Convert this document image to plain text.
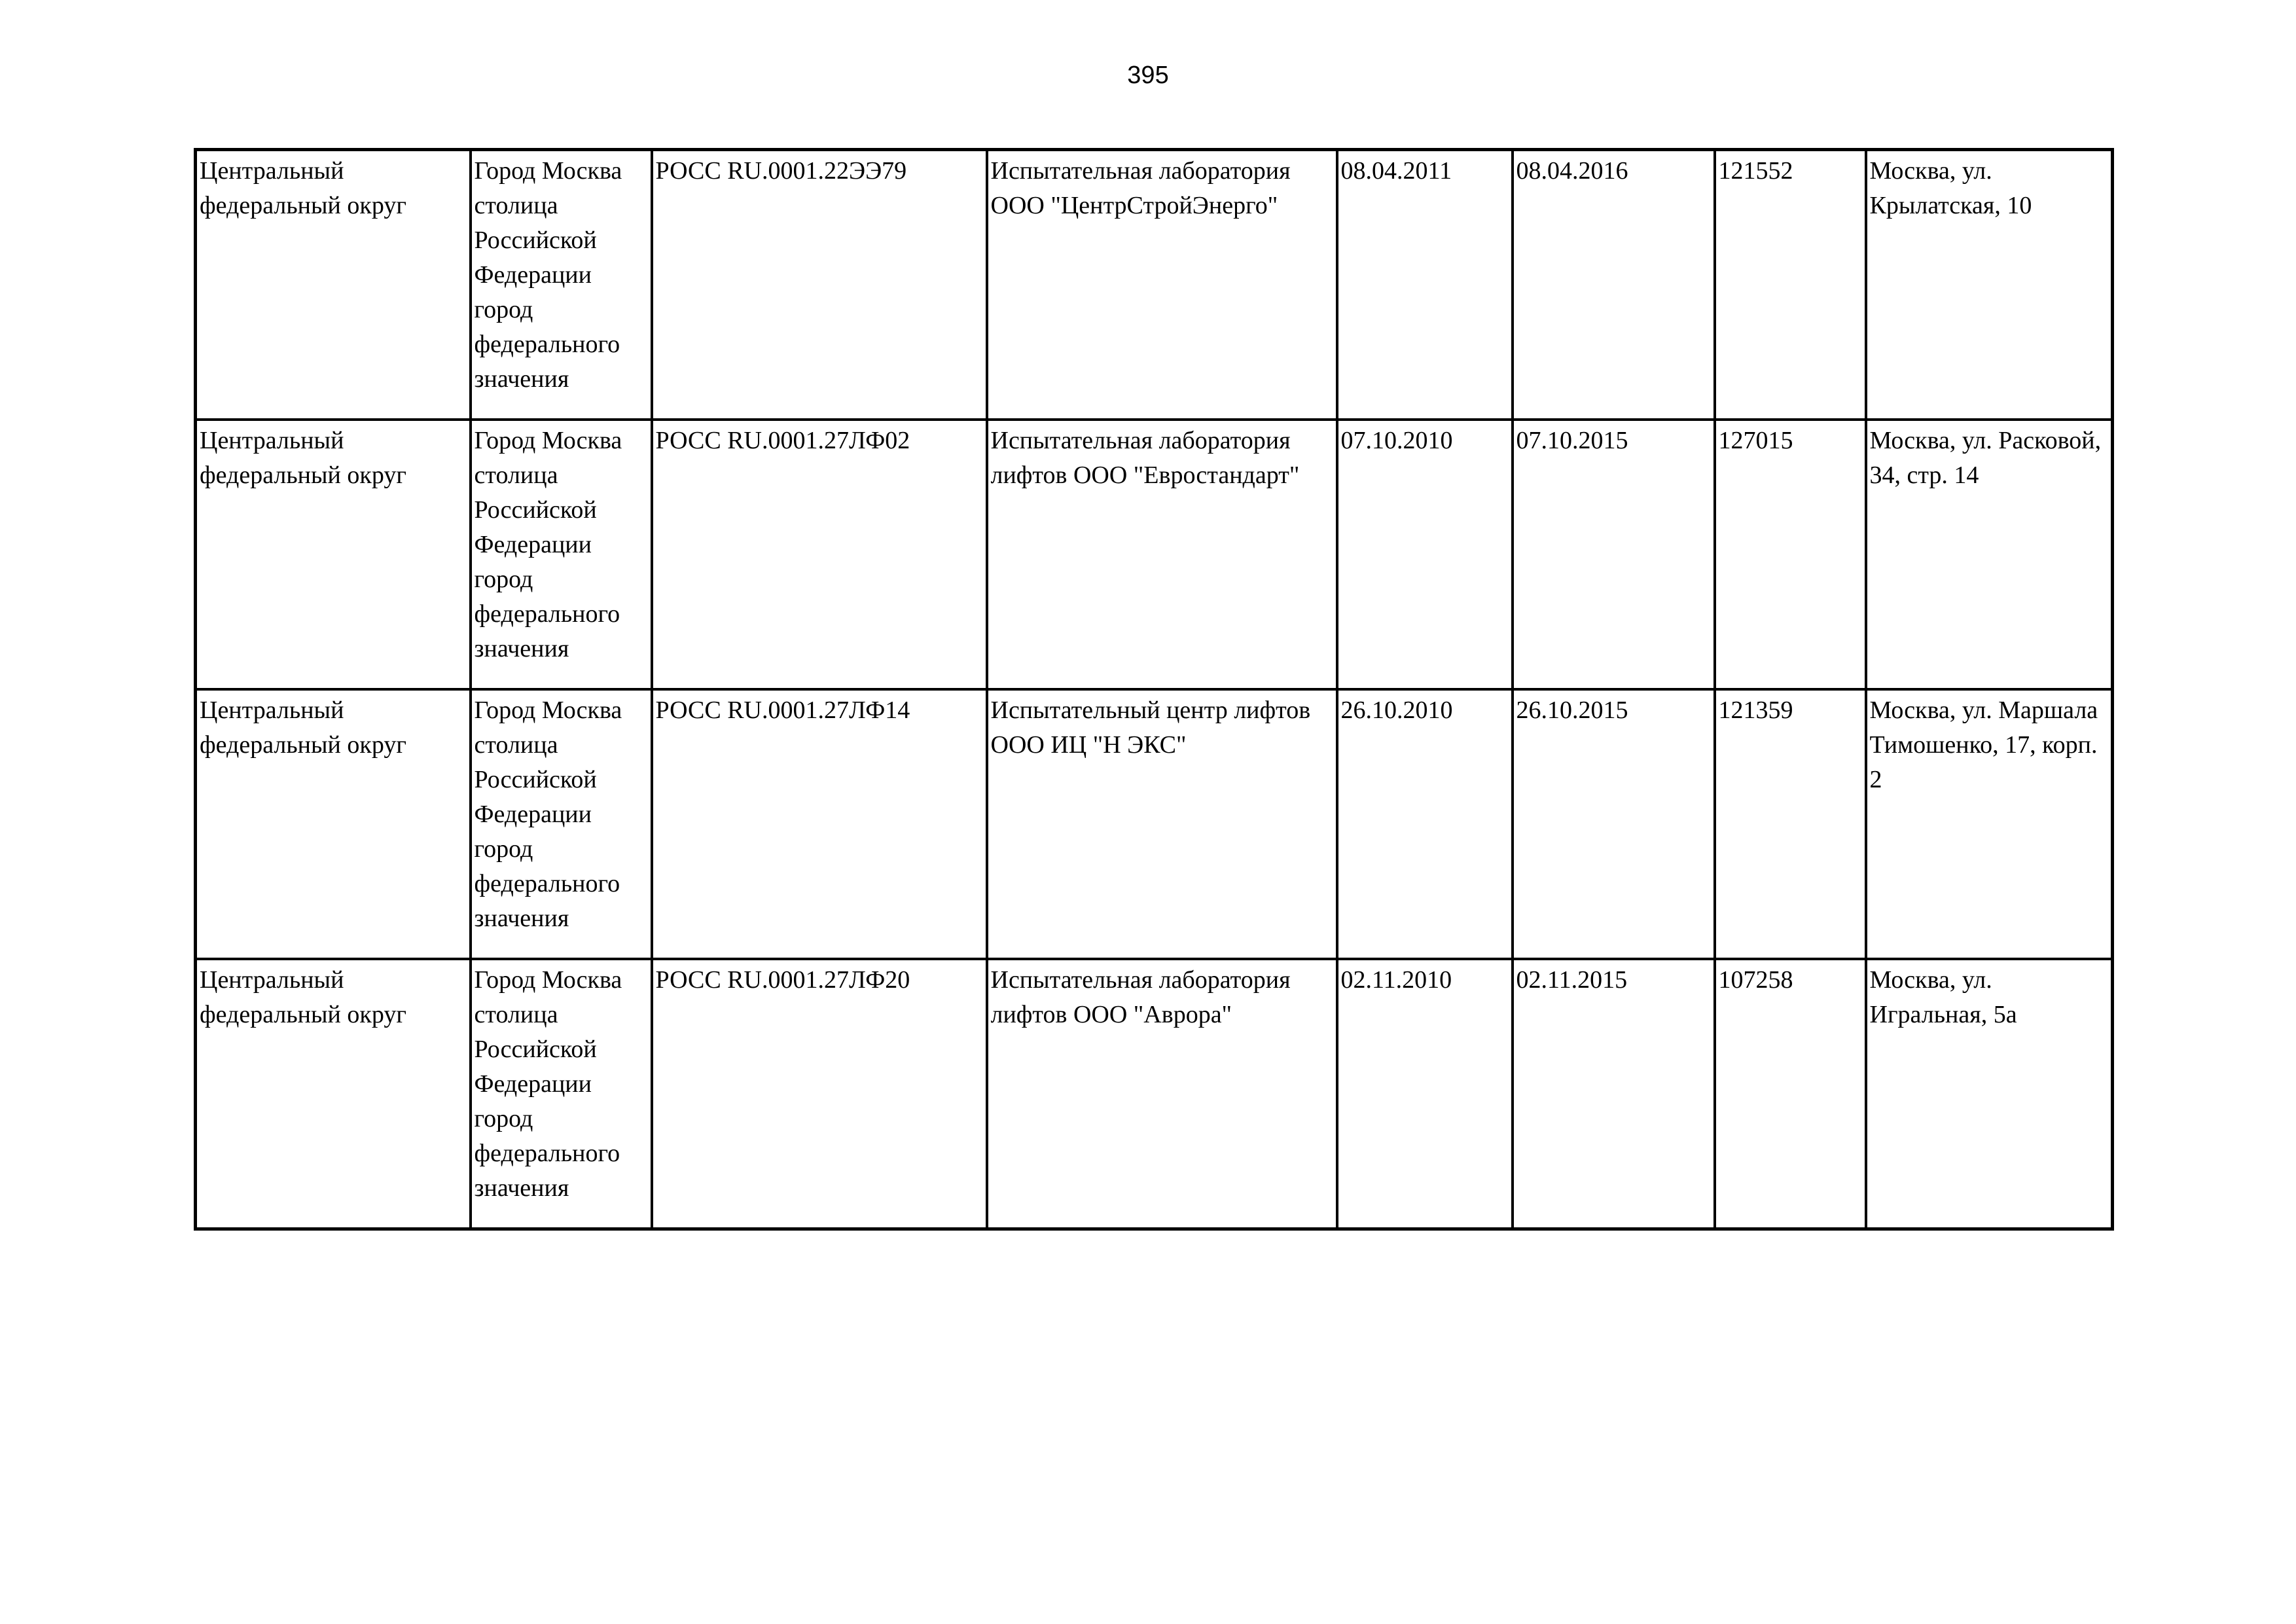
395
Центральный федеральный округ	Город Москва столица Российской Федерации город федерального значения	РОСС RU.0001.22ЭЭ79	Испытательная лаборатория ООО "ЦентрСтройЭнерго"	08.04.2011	08.04.2016	121552	Москва, ул. Крылатская, 10

Центральный федеральный округ	Город Москва столица Российской Федерации город федерального значения	РОСС RU.0001.27ЛФ02	Испытательная лаборатория лифтов ООО "Евростандарт"	07.10.2010	07.10.2015	127015	Москва, ул. Расковой, 34, стр. 14

Центральный федеральный округ	Город Москва столица Российской Федерации город федерального значения	РОСС RU.0001.27ЛФ14	Испытательный центр лифтов ООО ИЦ "Н ЭКС"	26.10.2010	26.10.2015	121359	Москва, ул. Маршала Тимошенко, 17, корп. 2

Центральный федеральный округ	Город Москва столица Российской Федерации город федерального значения	РОСС RU.0001.27ЛФ20	Испытательная лаборатория лифтов ООО "Аврора"	02.11.2010	02.11.2015	107258	Москва, ул. Игральная, 5а
